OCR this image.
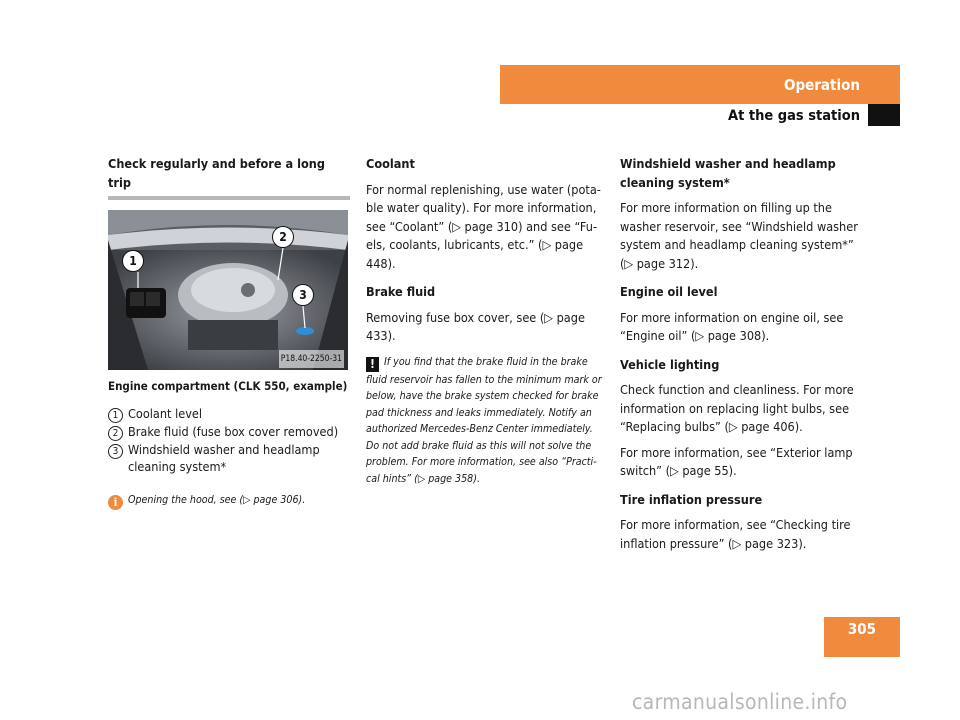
Operation
At the gas station
Check regularly and before a long trip
1
2
3
P18.40-2250-31
Engine compartment (CLK 550, example)
1 Coolant level
2 Brake fluid (fuse box cover removed)
3 Windshield washer and headlamp cleaning system*
i Opening the hood, see (▷ page 306).
Coolant

For normal replenishing, use water (pota-ble water quality). For more information, see “Coolant” (▷ page 310) and see “Fu-els, coolants, lubricants, etc.” (▷ page 448).

Brake fluid

Removing fuse box cover, see (▷ page 433).

! If you find that the brake fluid in the brake fluid reservoir has fallen to the minimum mark or below, have the brake system checked for brake pad thickness and leaks immediately. Notify an authorized Mercedes-Benz Center immediately. Do not add brake fluid as this will not solve the problem. For more information, see also “Practi-cal hints” (▷ page 358).
Windshield washer and headlamp cleaning system*

For more information on filling up the washer reservoir, see “Windshield washer system and headlamp cleaning system*” (▷ page 312).

Engine oil level

For more information on engine oil, see “Engine oil” (▷ page 308).

Vehicle lighting

Check function and cleanliness. For more information on replacing light bulbs, see “Replacing bulbs” (▷ page 406).

For more information, see “Exterior lamp switch” (▷ page 55).

Tire inflation pressure

For more information, see “Checking tire inflation pressure” (▷ page 323).

305
carmanualsonline.info
